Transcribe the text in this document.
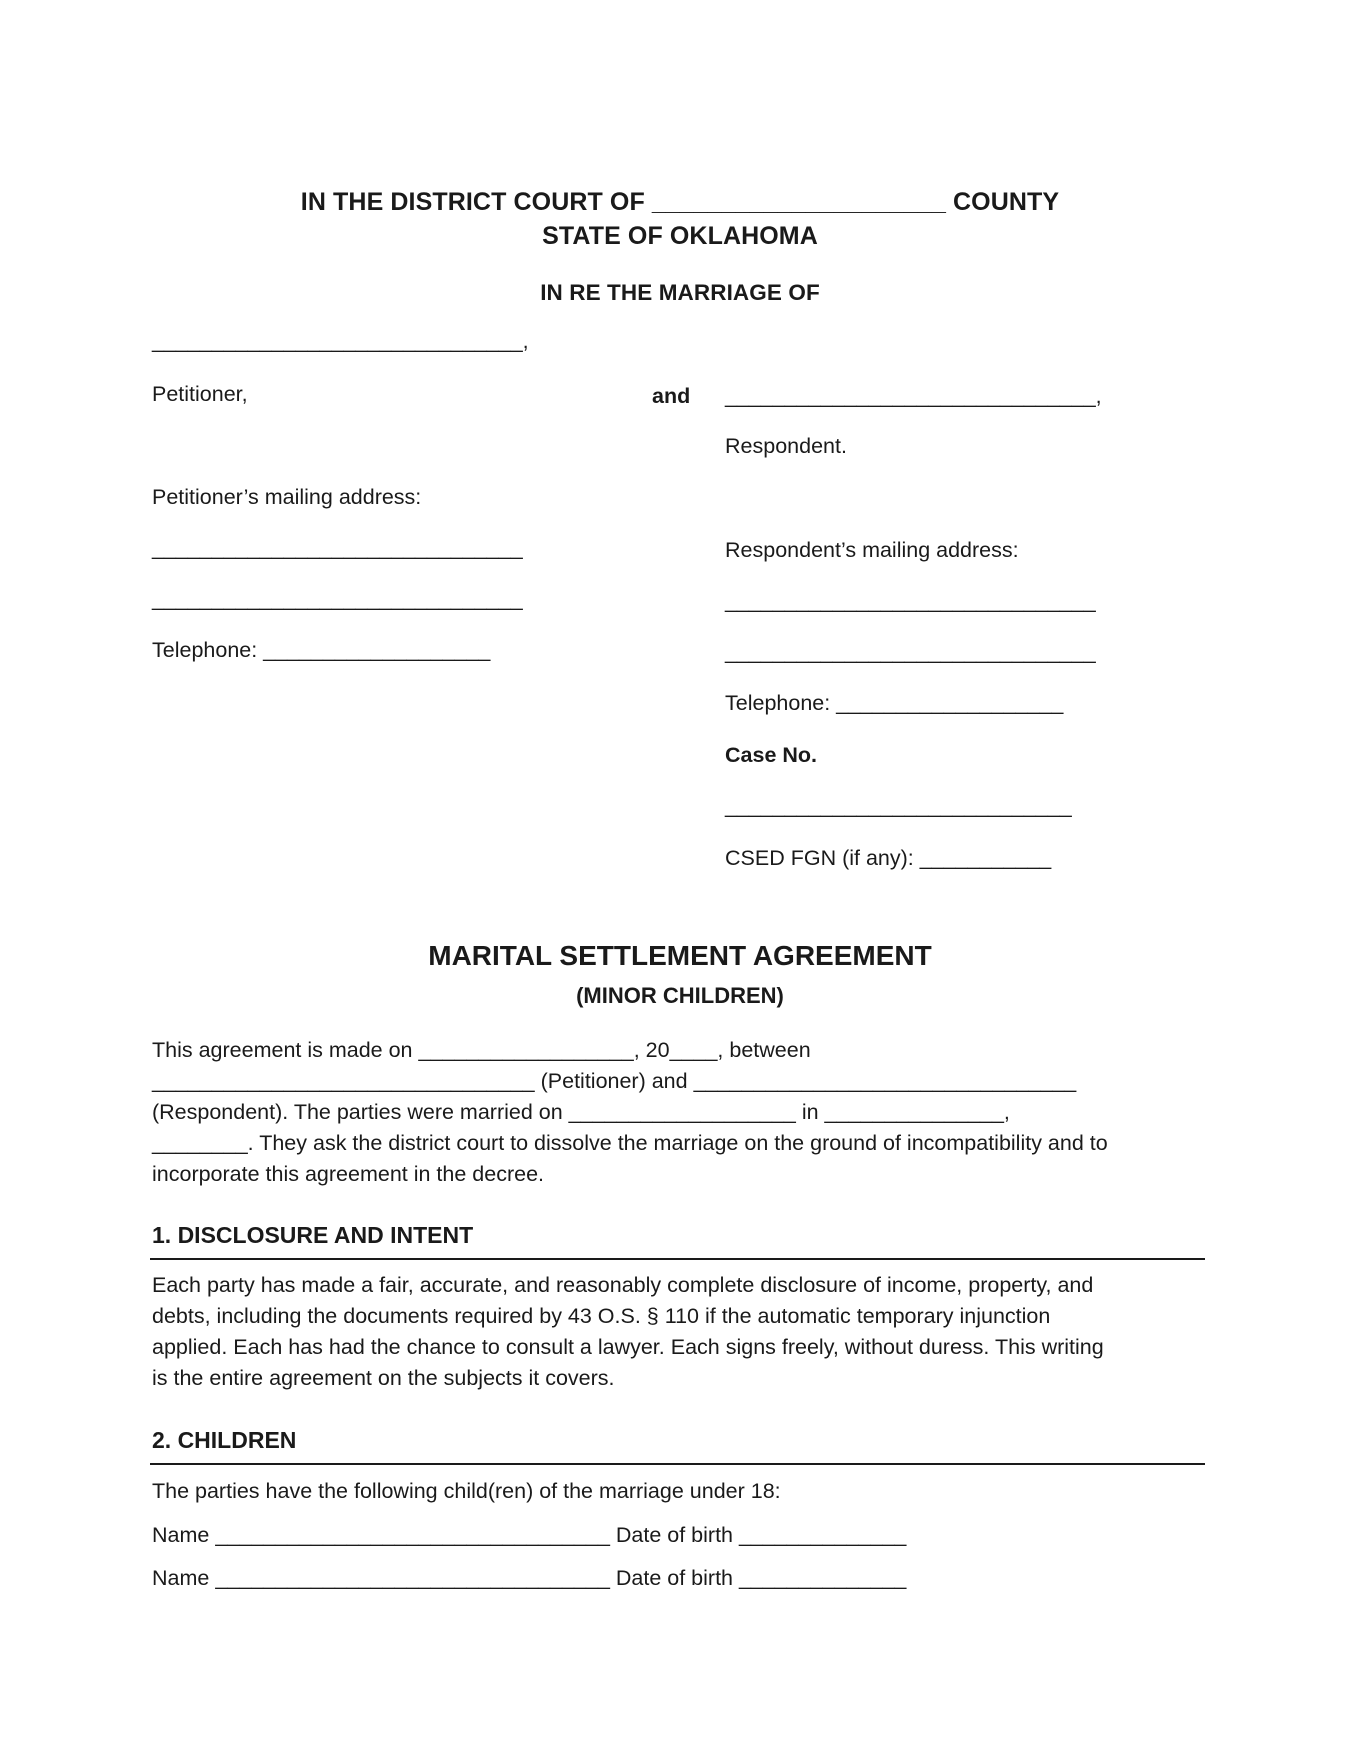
IN THE DISTRICT COURT OF _____________________ COUNTY
STATE OF OKLAHOMA
IN RE THE MARRIAGE OF
_______________________________,
Petitioner,
Petitioner’s mailing address:
_______________________________
_______________________________
Telephone: ___________________
and _______________________________,
Respondent.
Respondent’s mailing address:
_______________________________
_______________________________
Telephone: ___________________
Case No.
_____________________________
CSED FGN (if any): ___________
MARITAL SETTLEMENT AGREEMENT
(MINOR CHILDREN)
This agreement is made on __________________, 20____, between
________________________________ (Petitioner) and ________________________________
(Respondent). The parties were married on ___________________ in _______________,
________. They ask the district court to dissolve the marriage on the ground of incompatibility and to
incorporate this agreement in the decree.
1. DISCLOSURE AND INTENT
Each party has made a fair, accurate, and reasonably complete disclosure of income, property, and
debts, including the documents required by 43 O.S. § 110 if the automatic temporary injunction
applied. Each has had the chance to consult a lawyer. Each signs freely, without duress. This writing
is the entire agreement on the subjects it covers.
2. CHILDREN
The parties have the following child(ren) of the marriage under 18:
Name _________________________________ Date of birth ______________
Name _________________________________ Date of birth ______________
